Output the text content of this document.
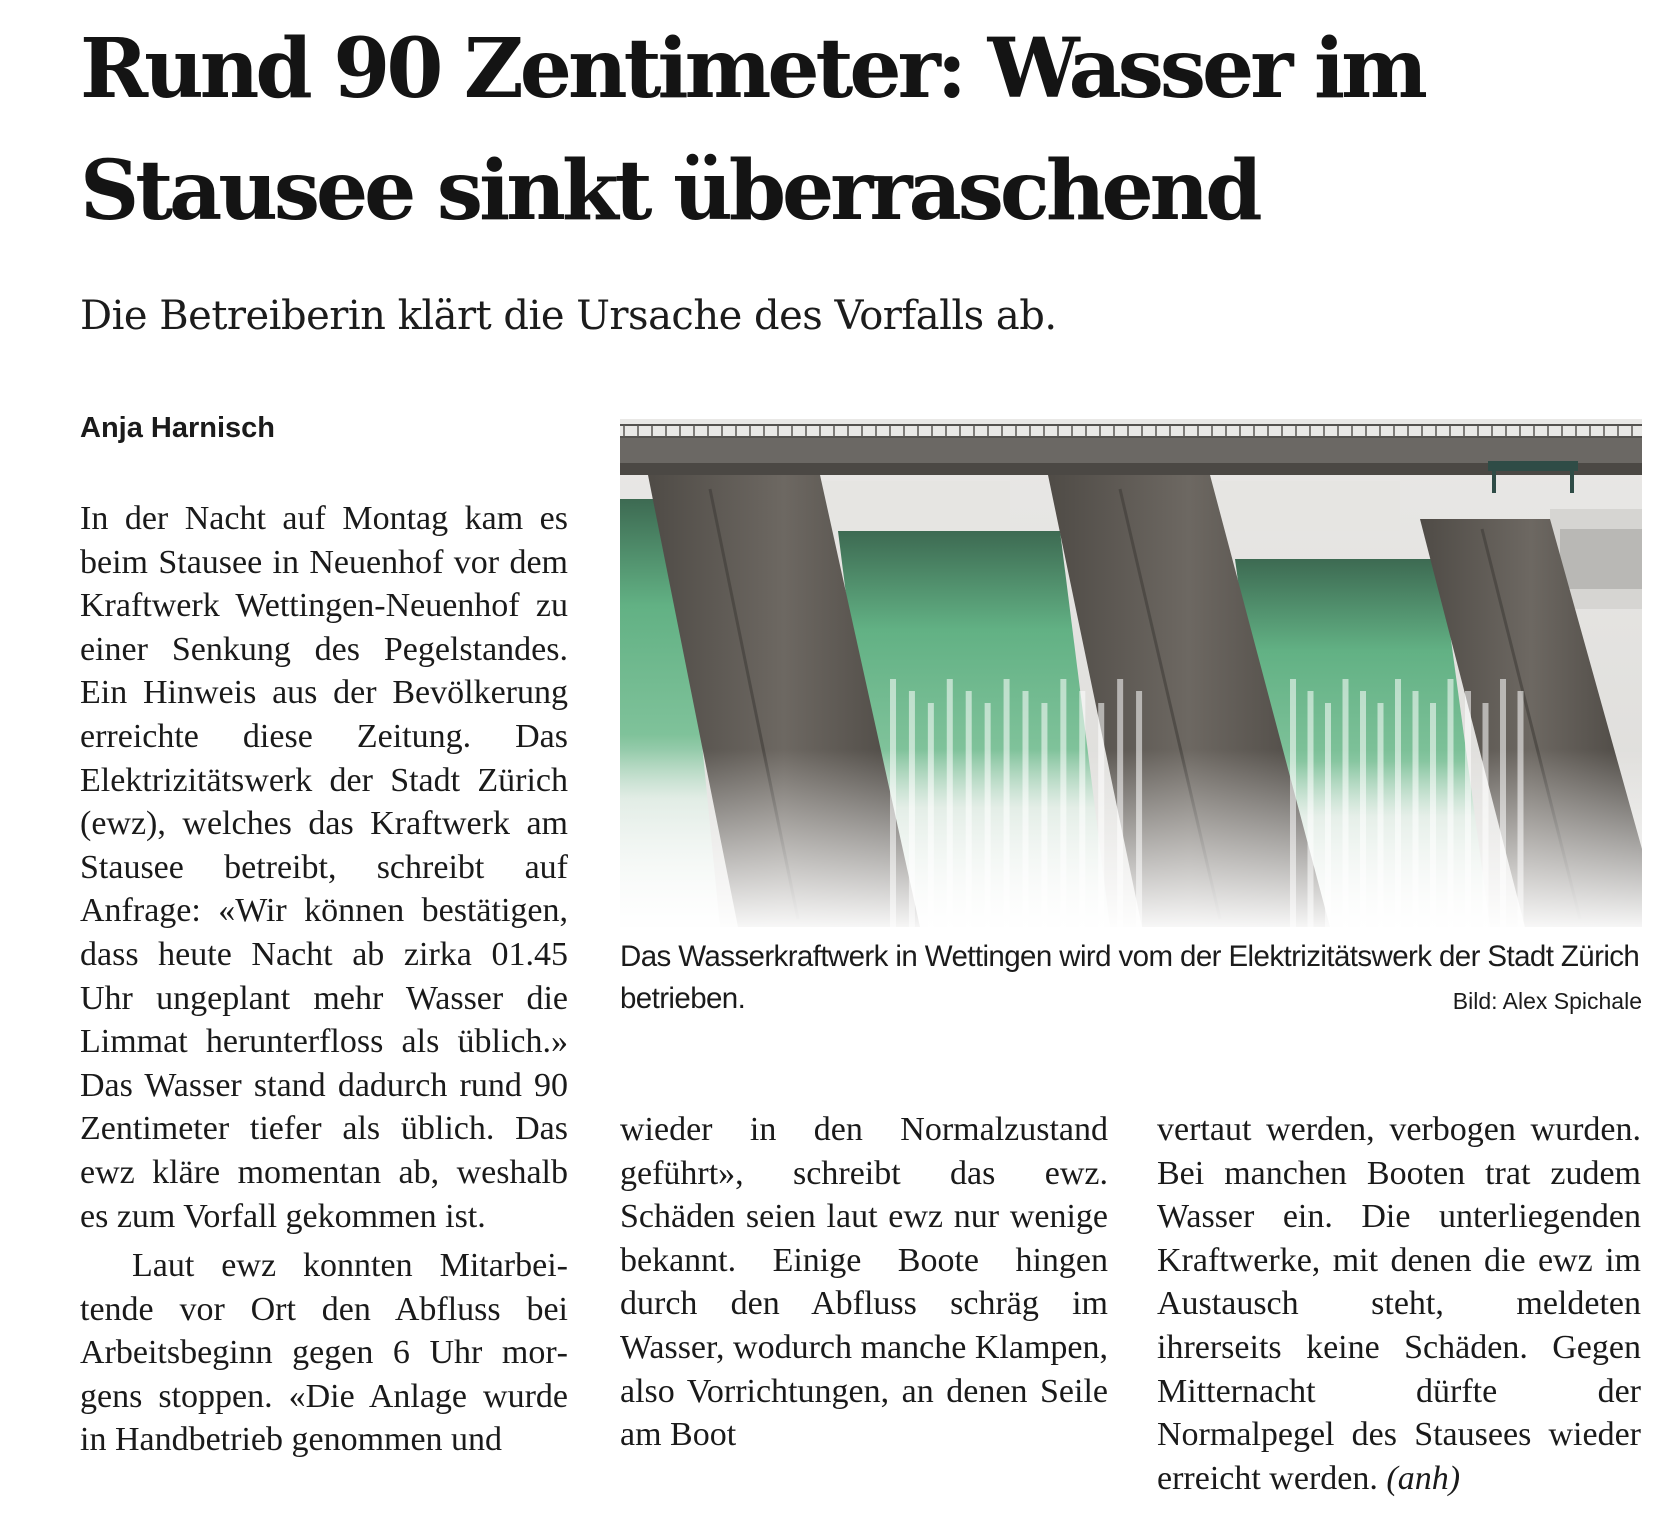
Rund 90 Zentimeter: Wasser im
Stausee sinkt überraschend
Die Betreiberin klärt die Ursache des Vorfalls ab.
Anja Harnisch

In der Nacht auf Montag kam es beim Stausee in Neuenhof vor dem Kraftwerk Wettingen-Neuenhof zu einer Senkung des Pegelstandes. Ein Hinweis aus der Bevölkerung erreichte diese Zeitung. Das Elektrizitätswerk der Stadt Zürich (ewz), welches das Kraftwerk am Stausee betreibt, schreibt auf Anfrage: «Wir können bestätigen, dass heute Nacht ab zirka 01.45 Uhr ungeplant mehr Wasser die Limmat herunterfloss als üblich.» Das Wasser stand dadurch rund 90 Zentimeter tiefer als üblich. Das ewz kläre momentan ab, weshalb es zum Vorfall gekommen ist.

Laut ewz konnten Mitarbeitende vor Ort den Abfluss bei Arbeitsbeginn gegen 6 Uhr morgens stoppen. «Die Anlage wurde in Handbetrieb genommen und

Das Wasserkraftwerk in Wettingen wird vom der Elektrizitätswerk der Stadt Zürich betrieben.	Bild: Alex Spichale

wieder in den Normalzustand geführt», schreibt das ewz. Schäden seien laut ewz nur wenige bekannt. Einige Boote hingen durch den Abfluss schräg im Wasser, wodurch manche Klampen, also Vorrichtungen, an denen Seile am Boot

vertaut werden, verbogen wurden. Bei manchen Booten trat zudem Wasser ein. Die unterliegenden Kraftwerke, mit denen die ewz im Austausch steht, meldeten ihrerseits keine Schäden. Gegen Mitternacht dürfte der Normalpegel des Stausees wieder erreicht werden. (anh)
